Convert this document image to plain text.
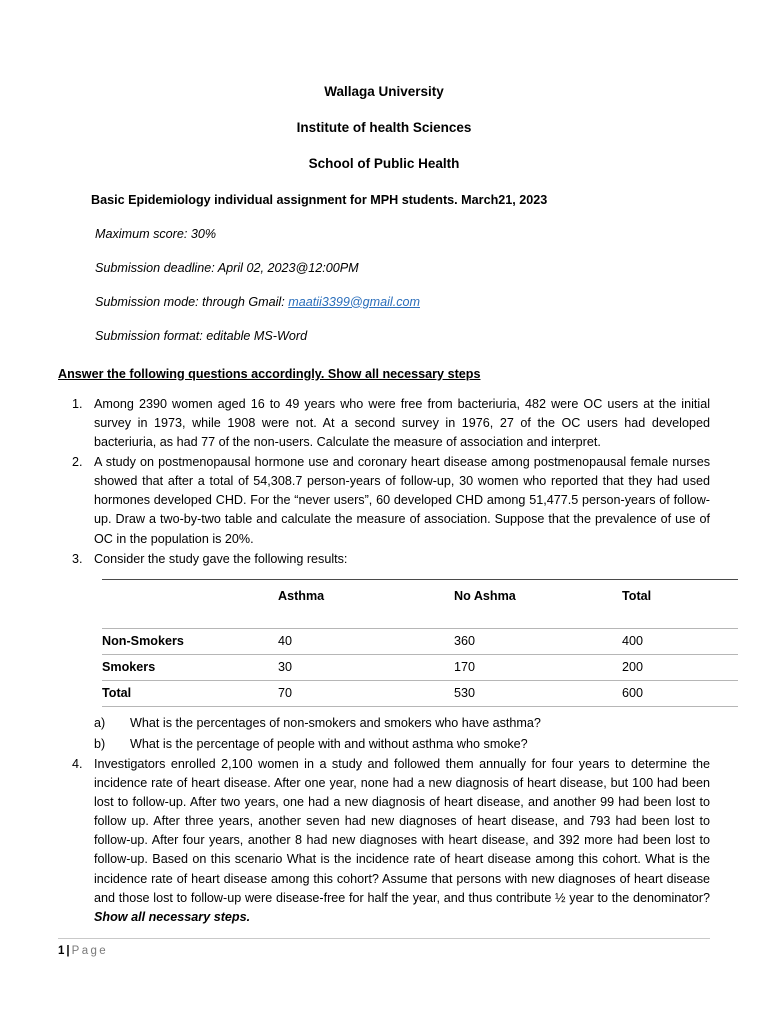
Wallaga University
Institute of health Sciences
School of Public Health
Basic Epidemiology individual assignment for MPH students. March21, 2023
Maximum score: 30%
Submission deadline: April 02, 2023@12:00PM
Submission mode: through Gmail: maatii3399@gmail.com
Submission format: editable MS-Word
Answer the following questions accordingly. Show all necessary steps
1. Among 2390 women aged 16 to 49 years who were free from bacteriuria, 482 were OC users at the initial survey in 1973, while 1908 were not. At a second survey in 1976, 27 of the OC users had developed bacteriuria, as had 77 of the non-users. Calculate the measure of association and interpret.
2. A study on postmenopausal hormone use and coronary heart disease among postmenopausal female nurses showed that after a total of 54,308.7 person-years of follow-up, 30 women who reported that they had used hormones developed CHD. For the “never users”, 60 developed CHD among 51,477.5 person-years of follow-up. Draw a two-by-two table and calculate the measure of association. Suppose that the prevalence of use of OC in the population is 20%.
3. Consider the study gave the following results:
	Asthma	No Ashma	Total
Non-Smokers	40	360	400
Smokers	30	170	200
Total	70	530	600
a)	What is the percentages of non-smokers and smokers who have asthma?
b)	What is the percentage of people with and without asthma who smoke?
4. Investigators enrolled 2,100 women in a study and followed them annually for four years to determine the incidence rate of heart disease. After one year, none had a new diagnosis of heart disease, but 100 had been lost to follow-up. After two years, one had a new diagnosis of heart disease, and another 99 had been lost to follow up. After three years, another seven had new diagnoses of heart disease, and 793 had been lost to follow-up. After four years, another 8 had new diagnoses with heart disease, and 392 more had been lost to follow-up. Based on this scenario What is the incidence rate of heart disease among this cohort. What is the incidence rate of heart disease among this cohort? Assume that persons with new diagnoses of heart disease and those lost to follow-up were disease-free for half the year, and thus contribute ½ year to the denominator? Show all necessary steps.
1 | Page
